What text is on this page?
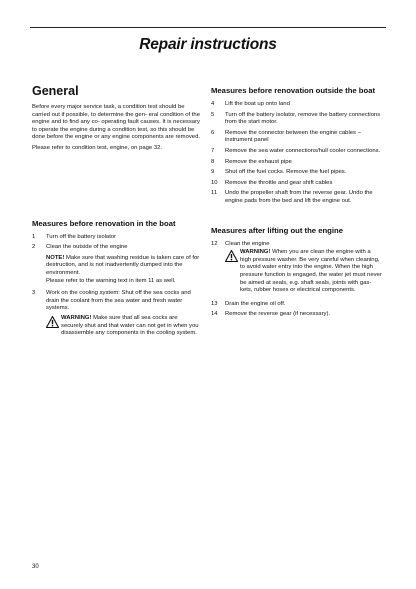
Repair instructions
General

Before every major service task, a condition test should be carried out if possible, to determine the gen- eral condition of the engine and to find any co- operating fault causes. It is necessary to operate the engine during a condition test, so this should be done before the engine or any engine components are removed.

Please refer to condition test, engine, on page 32.

Measures before renovation in the boat
1	Turn off the battery isolator
2	Clean the outside of the engine
NOTE! Make sure that washing residue is taken care of for destruction, and is not inadvertently dumped into the environment.
Please refer to the warning text in item 11 as well.
3	Work on the cooling system: Shut off the sea cocks and drain the coolant from the sea water and fresh water systems.
WARNING! Make sure that all sea cocks are securely shut and that water can not get in when you disassemble any components in the cooling system.
Measures before renovation outside the boat
4	Lift the boat up onto land
5	Turn off the battery isolator, remove the battery connections from the start motor.
6	Remove the connector between the engine cables – instrument panel
7	Remove the sea water connections/hull cooler connections.
8	Remove the exhaust pipe
9	Shut off the fuel cocks. Remove the fuel pipes.
10	Remove the throttle and gear shift cables
11	Undo the propeller shaft from the reverse gear. Undo the engine pads from the bed and lift the engine out.
Measures after lifting out the engine
12	Clean the engine
WARNING! When you are clean the engine with a high pressure washer. Be very careful when cleaning, to avoid water entry into the engine. When the high pressure function is engaged, the water jet must never be aimed at seals, e.g. shaft seals, joints with gas- kets, rubber hoses or electrical components.
13	Drain the engine oil off.
14	Remove the reverse gear (if necessary).
30
